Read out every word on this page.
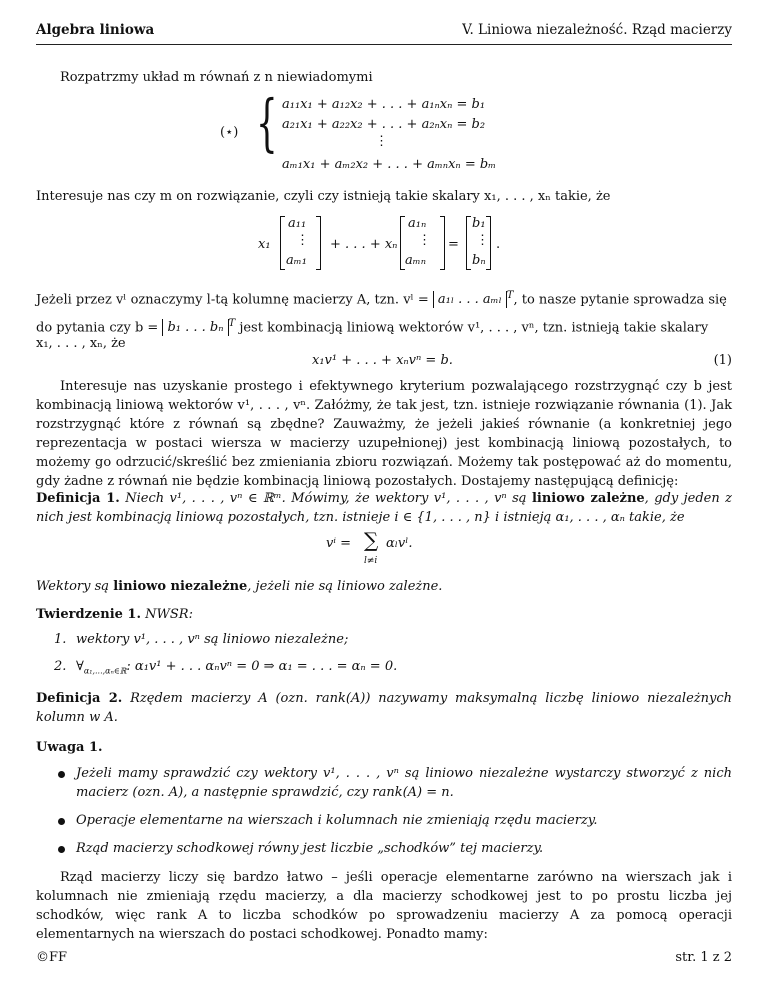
Algebra liniowa	V. Liniowa niezależność. Rząd macierzy
Rozpatrzmy układ m równań z n niewiadomymi
(⋆) { a₁₁x₁ + a₁₂x₂ + . . . + a₁ₙxₙ = b₁
a₂₁x₁ + a₂₂x₂ + . . . + a₂ₙxₙ = b₂
⋮
aₘ₁x₁ + aₘ₂x₂ + . . . + aₘₙxₙ = bₘ
Interesuje nas czy m on rozwiązanie, czyli czy istnieją takie skalary x₁, . . . , xₙ takie, że
x₁
a₁₁
⋮
aₘ₁
+ . . . + xₙ
a₁ₙ
⋮
aₘₙ
=
b₁
⋮
bₙ
.
Jeżeli przez vˡ oznaczymy l-tą kolumnę macierzy A, tzn. vˡ = a₁ₗ . . . aₘₗ $^T$, to nasze pytanie sprowadza się
do pytania czy b = b₁ . . . bₙ $^T$ jest kombinacją liniową wektorów v¹, . . . , vⁿ, tzn. istnieją takie skalary
x₁, . . . , xₙ, że
x₁v¹ + . . . + xₙvⁿ = b.	(1)
Interesuje nas uzyskanie prostego i efektywnego kryterium pozwalającego rozstrzygnąć czy b jest kombinacją liniową wektorów v¹, . . . , vⁿ. Załóżmy, że tak jest, tzn. istnieje rozwiązanie równania (1). Jak rozstrzygnąć które z równań są zbędne? Zauważmy, że jeżeli jakieś równanie (a konkretniej jego reprezentacja w postaci wiersza w macierzy uzupełnionej) jest kombinacją liniową pozostałych, to możemy go odrzucić/skreślić bez zmieniania zbioru rozwiązań. Możemy tak postępować aż do momentu, gdy żadne z równań nie będzie kombinacją liniową pozostałych. Dostajemy następującą definicję:
Definicja 1. Niech v¹, . . . , vⁿ ∈ ℝᵐ. Mówimy, że wektory v¹, . . . , vⁿ są liniowo zależne, gdy jeden z nich jest kombinacją liniową pozostałych, tzn. istnieje i ∈ {1, . . . , n} i istnieją α₁, . . . , αₙ takie, że
vⁱ = ∑
l≠i
αₗvˡ.
Wektory są liniowo niezależne, jeżeli nie są liniowo zależne.
Twierdzenie 1. NWSR:
1. wektory v¹, . . . , vⁿ są liniowo niezależne;
2. $\forall_{\alpha_1,...,\alpha_n\in ℝ}$: α₁v¹ + . . . αₙvⁿ = 0 ⇒ α₁ = . . . = αₙ = 0.
Definicja 2. Rzędem macierzy A (ozn. rank(A)) nazywamy maksymalną liczbę liniowo niezależnych kolumn w A.
Uwaga 1.
Jeżeli mamy sprawdzić czy wektory v¹, . . . , vⁿ są liniowo niezależne wystarczy stworzyć z nich macierz (ozn. A), a następnie sprawdzić, czy rank(A) = n.
Operacje elementarne na wierszach i kolumnach nie zmieniają rzędu macierzy.
Rząd macierzy schodkowej równy jest liczbie „schodków” tej macierzy.
Rząd macierzy liczy się bardzo łatwo – jeśli operacje elementarne zarówno na wierszach jak i kolumnach nie zmieniają rzędu macierzy, a dla macierzy schodkowej jest to po prostu liczba jej schodków, więc rank A to liczba schodków po sprowadzeniu macierzy A za pomocą operacji elementarnych na wierszach do postaci schodkowej. Ponadto mamy:
©FF	str. 1 z 2
